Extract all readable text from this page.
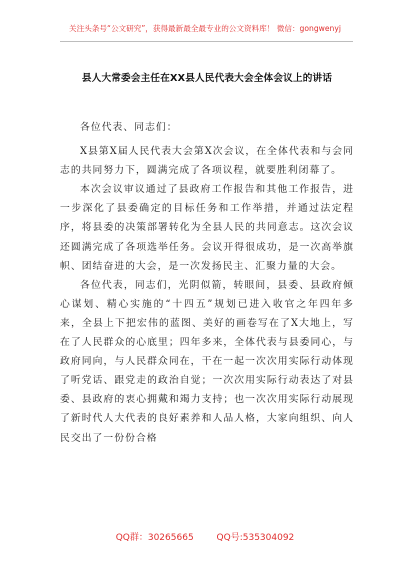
关注头条号“公文研究”，获得最新最全最专业的公文资料库！ 微信：gongwenyj
县人大常委会主任在XX县人民代表大会全体会议上的讲话
各位代表、同志们：

X县第X届人民代表大会第X次会议，在全体代表和与会同志的共同努力下，圆满完成了各项议程，就要胜利闭幕了。

本次会议审议通过了县政府工作报告和其他工作报告，进一步深化了县委确定的目标任务和工作举措，并通过法定程序，将县委的决策部署转化为全县人民的共同意志。这次会议还圆满完成了各项选举任务。会议开得很成功，是一次高举旗帜、团结奋进的大会，是一次发扬民主、汇聚力量的大会。

各位代表，同志们，光阴似箭，转眼间，县委、县政府倾心谋划、精心实施的“十四五”规划已进入收官之年四年多来，全县上下把宏伟的蓝图、美好的画卷写在了X大地上，写在了人民群众的心底里；四年多来，全体代表与县委同心，与政府同向，与人民群众同在，干在一起一次次用实际行动体现了听党话、跟党走的政治自觉；一次次用实际行动表达了对县委、县政府的衷心拥戴和竭力支持；也一次次用实际行动展现了新时代人大代表的良好素养和人品人格，大家向组织、向人民交出了一份份合格

QQ群：30265665	QQ号:535304092
